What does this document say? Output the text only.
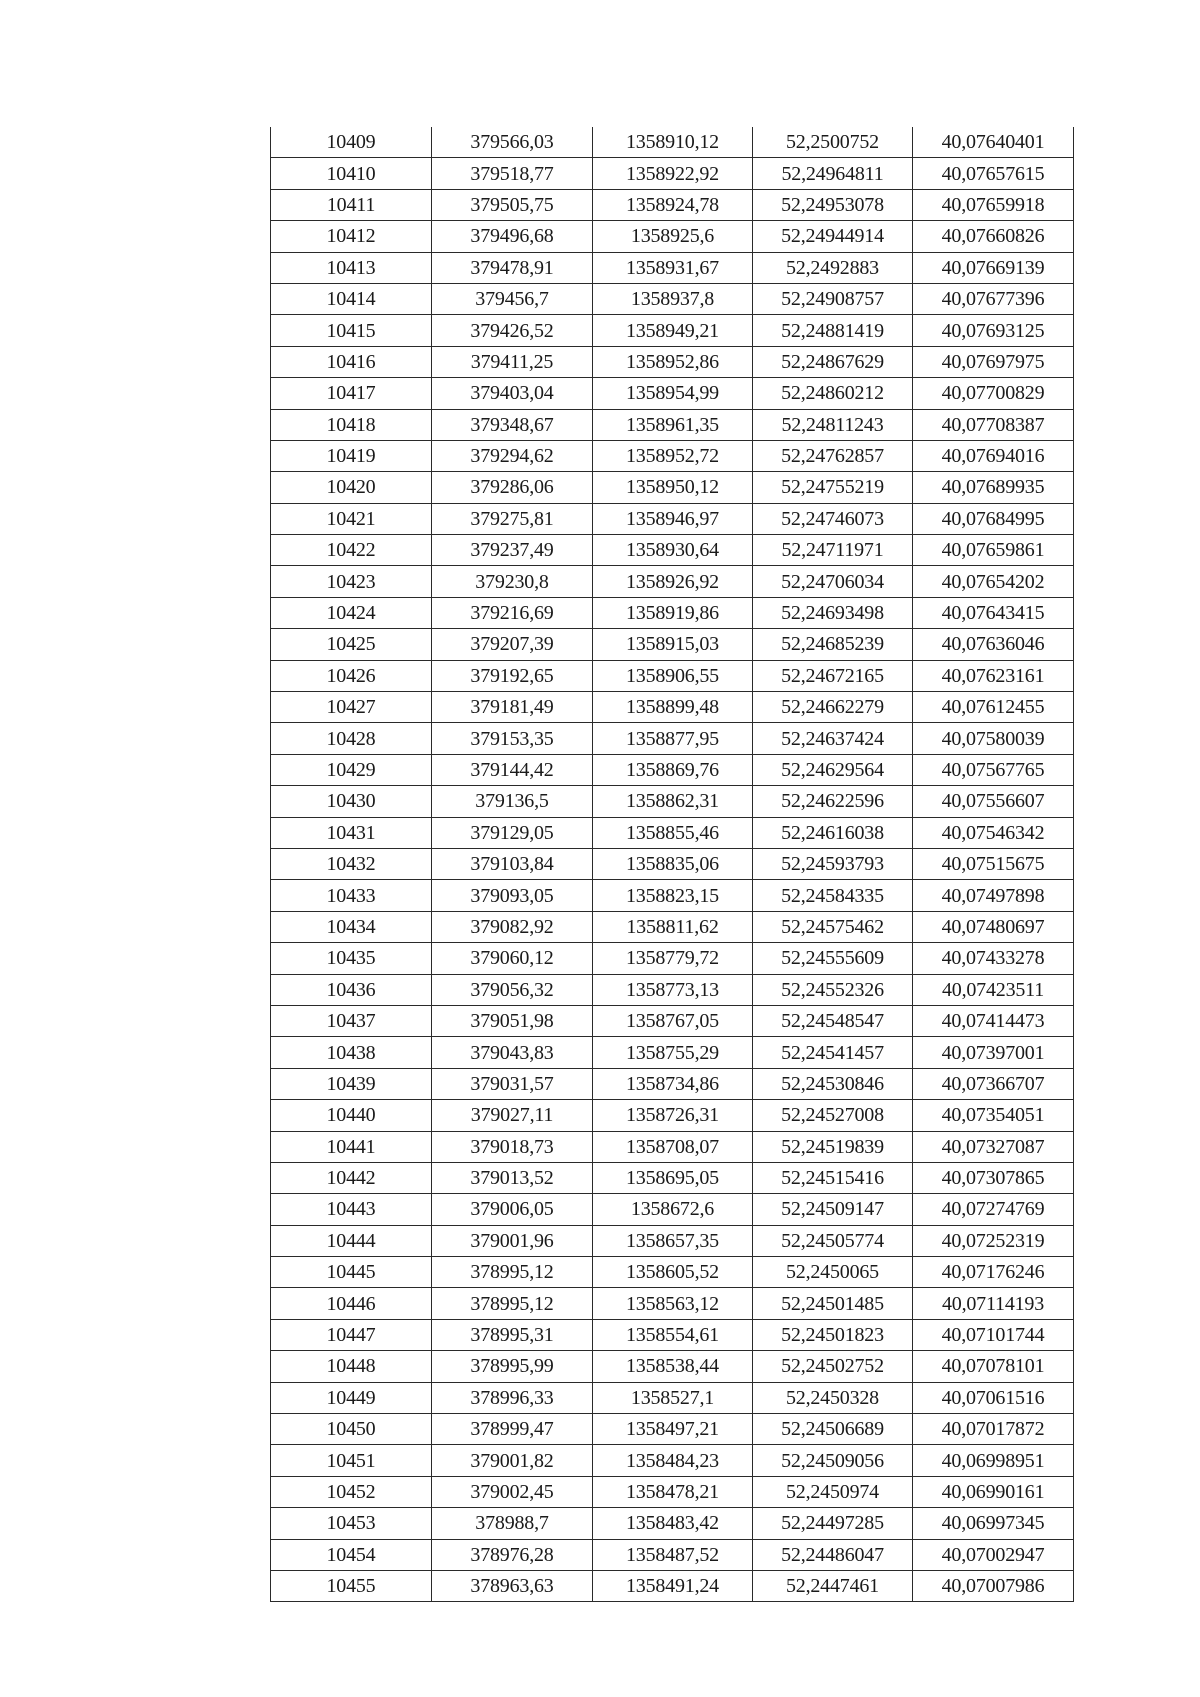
10409	379566,03	1358910,12	52,2500752	40,07640401
10410	379518,77	1358922,92	52,24964811	40,07657615
10411	379505,75	1358924,78	52,24953078	40,07659918
10412	379496,68	1358925,6	52,24944914	40,07660826
10413	379478,91	1358931,67	52,2492883	40,07669139
10414	379456,7	1358937,8	52,24908757	40,07677396
10415	379426,52	1358949,21	52,24881419	40,07693125
10416	379411,25	1358952,86	52,24867629	40,07697975
10417	379403,04	1358954,99	52,24860212	40,07700829
10418	379348,67	1358961,35	52,24811243	40,07708387
10419	379294,62	1358952,72	52,24762857	40,07694016
10420	379286,06	1358950,12	52,24755219	40,07689935
10421	379275,81	1358946,97	52,24746073	40,07684995
10422	379237,49	1358930,64	52,24711971	40,07659861
10423	379230,8	1358926,92	52,24706034	40,07654202
10424	379216,69	1358919,86	52,24693498	40,07643415
10425	379207,39	1358915,03	52,24685239	40,07636046
10426	379192,65	1358906,55	52,24672165	40,07623161
10427	379181,49	1358899,48	52,24662279	40,07612455
10428	379153,35	1358877,95	52,24637424	40,07580039
10429	379144,42	1358869,76	52,24629564	40,07567765
10430	379136,5	1358862,31	52,24622596	40,07556607
10431	379129,05	1358855,46	52,24616038	40,07546342
10432	379103,84	1358835,06	52,24593793	40,07515675
10433	379093,05	1358823,15	52,24584335	40,07497898
10434	379082,92	1358811,62	52,24575462	40,07480697
10435	379060,12	1358779,72	52,24555609	40,07433278
10436	379056,32	1358773,13	52,24552326	40,07423511
10437	379051,98	1358767,05	52,24548547	40,07414473
10438	379043,83	1358755,29	52,24541457	40,07397001
10439	379031,57	1358734,86	52,24530846	40,07366707
10440	379027,11	1358726,31	52,24527008	40,07354051
10441	379018,73	1358708,07	52,24519839	40,07327087
10442	379013,52	1358695,05	52,24515416	40,07307865
10443	379006,05	1358672,6	52,24509147	40,07274769
10444	379001,96	1358657,35	52,24505774	40,07252319
10445	378995,12	1358605,52	52,2450065	40,07176246
10446	378995,12	1358563,12	52,24501485	40,07114193
10447	378995,31	1358554,61	52,24501823	40,07101744
10448	378995,99	1358538,44	52,24502752	40,07078101
10449	378996,33	1358527,1	52,2450328	40,07061516
10450	378999,47	1358497,21	52,24506689	40,07017872
10451	379001,82	1358484,23	52,24509056	40,06998951
10452	379002,45	1358478,21	52,2450974	40,06990161
10453	378988,7	1358483,42	52,24497285	40,06997345
10454	378976,28	1358487,52	52,24486047	40,07002947
10455	378963,63	1358491,24	52,2447461	40,07007986
